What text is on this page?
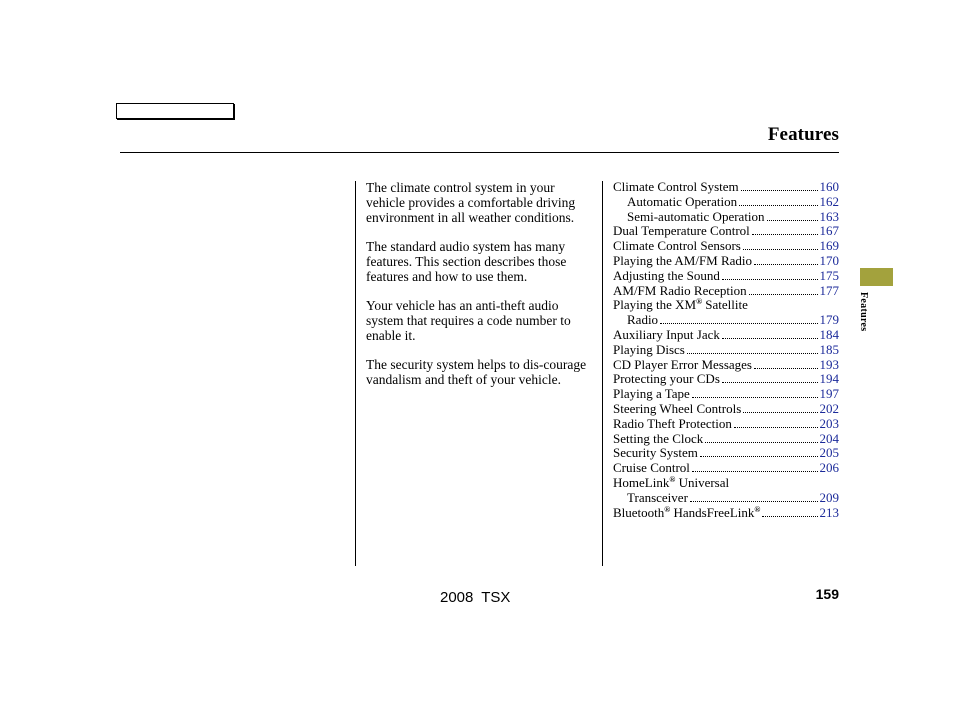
Features

The climate control system in your vehicle provides a comfortable driving environment in all weather conditions.

The standard audio system has many features. This section describes those features and how to use them.

Your vehicle has an anti-theft audio system that requires a code number to enable it.

The security system helps to dis-courage vandalism and theft of your vehicle.

Climate Control System	160
Automatic Operation	162
Semi-automatic Operation	163
Dual Temperature Control	167
Climate Control Sensors	169
Playing the AM/FM Radio	170
Adjusting the Sound	175
AM/FM Radio Reception	177
Playing the XM® Satellite
Radio	179
Auxiliary Input Jack	184
Playing Discs	185
CD Player Error Messages	193
Protecting your CDs	194
Playing a Tape	197
Steering Wheel Controls	202
Radio Theft Protection	203
Setting the Clock	204
Security System	205
Cruise Control	206
HomeLink® Universal
Transceiver	209
Bluetooth® HandsFreeLink®	213
Features
2008 TSX	159
